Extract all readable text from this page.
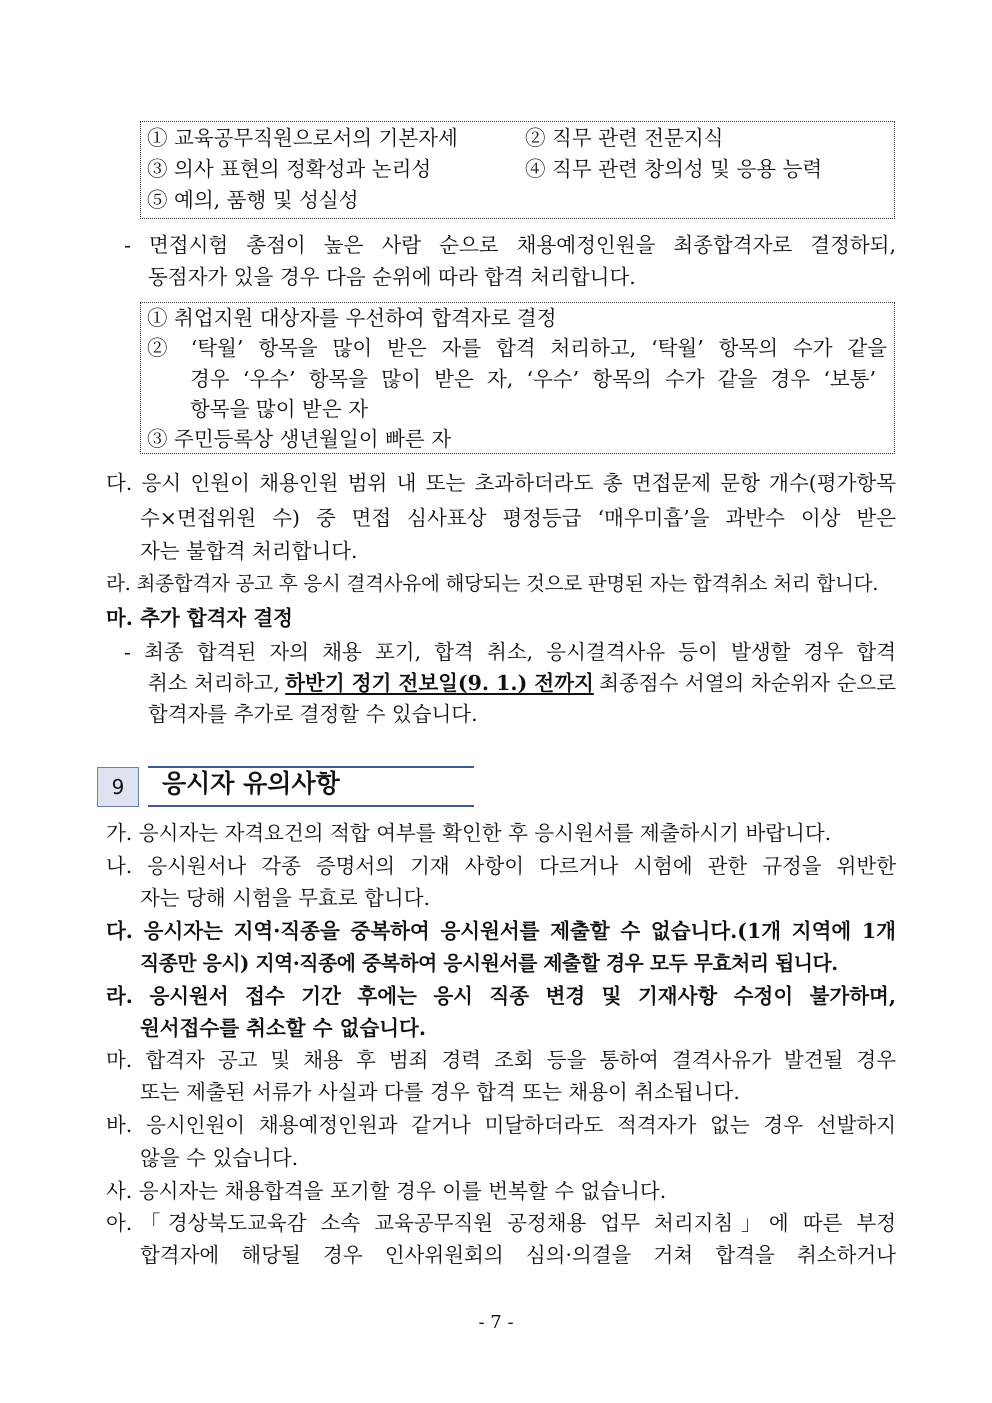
① 교육공무직원으로서의 기본자세	② 직무 관련 전문지식
③ 의사 표현의 정확성과 논리성	④ 직무 관련 창의성 및 응용 능력
⑤ 예의, 품행 및 성실성
- 면접시험 총점이 높은 사람 순으로 채용예정인원을 최종합격자로 결정하되,
동점자가 있을 경우 다음 순위에 따라 합격 처리합니다.
① 취업지원 대상자를 우선하여 합격자로 결정
② ‘탁월’ 항목을 많이 받은 자를 합격 처리하고, ‘탁월’ 항목의 수가 같을
경우 ‘우수’ 항목을 많이 받은 자, ‘우수’ 항목의 수가 같을 경우 ‘보통’
항목을 많이 받은 자
③ 주민등록상 생년월일이 빠른 자
다. 응시 인원이 채용인원 범위 내 또는 초과하더라도 총 면접문제 문항 개수(평가항목
수×면접위원 수) 중 면접 심사표상 평정등급 ‘매우미흡’을 과반수 이상 받은
자는 불합격 처리합니다.
라. 최종합격자 공고 후 응시 결격사유에 해당되는 것으로 판명된 자는 합격취소 처리 합니다.
마. 추가 합격자 결정
- 최종 합격된 자의 채용 포기, 합격 취소, 응시결격사유 등이 발생할 경우 합격
취소 처리하고, 하반기 정기 전보일(9. 1.) 전까지 최종점수 서열의 차순위자 순으로
합격자를 추가로 결정할 수 있습니다.
9	응시자 유의사항
가. 응시자는 자격요건의 적합 여부를 확인한 후 응시원서를 제출하시기 바랍니다.
나. 응시원서나 각종 증명서의 기재 사항이 다르거나 시험에 관한 규정을 위반한
자는 당해 시험을 무효로 합니다.
다. 응시자는 지역·직종을 중복하여 응시원서를 제출할 수 없습니다.(1개 지역에 1개
직종만 응시) 지역·직종에 중복하여 응시원서를 제출할 경우 모두 무효처리 됩니다.
라. 응시원서 접수 기간 후에는 응시 직종 변경 및 기재사항 수정이 불가하며,
원서접수를 취소할 수 없습니다.
마. 합격자 공고 및 채용 후 범죄 경력 조회 등을 통하여 결격사유가 발견될 경우
또는 제출된 서류가 사실과 다를 경우 합격 또는 채용이 취소됩니다.
바. 응시인원이 채용예정인원과 같거나 미달하더라도 적격자가 없는 경우 선발하지
않을 수 있습니다.
사. 응시자는 채용합격을 포기할 경우 이를 번복할 수 없습니다.
아.「경상북도교육감 소속 교육공무직원 공정채용 업무 처리지침」에 따른 부정
합격자에 해당될 경우 인사위원회의 심의·의결을 거쳐 합격을 취소하거나
- 7 -
